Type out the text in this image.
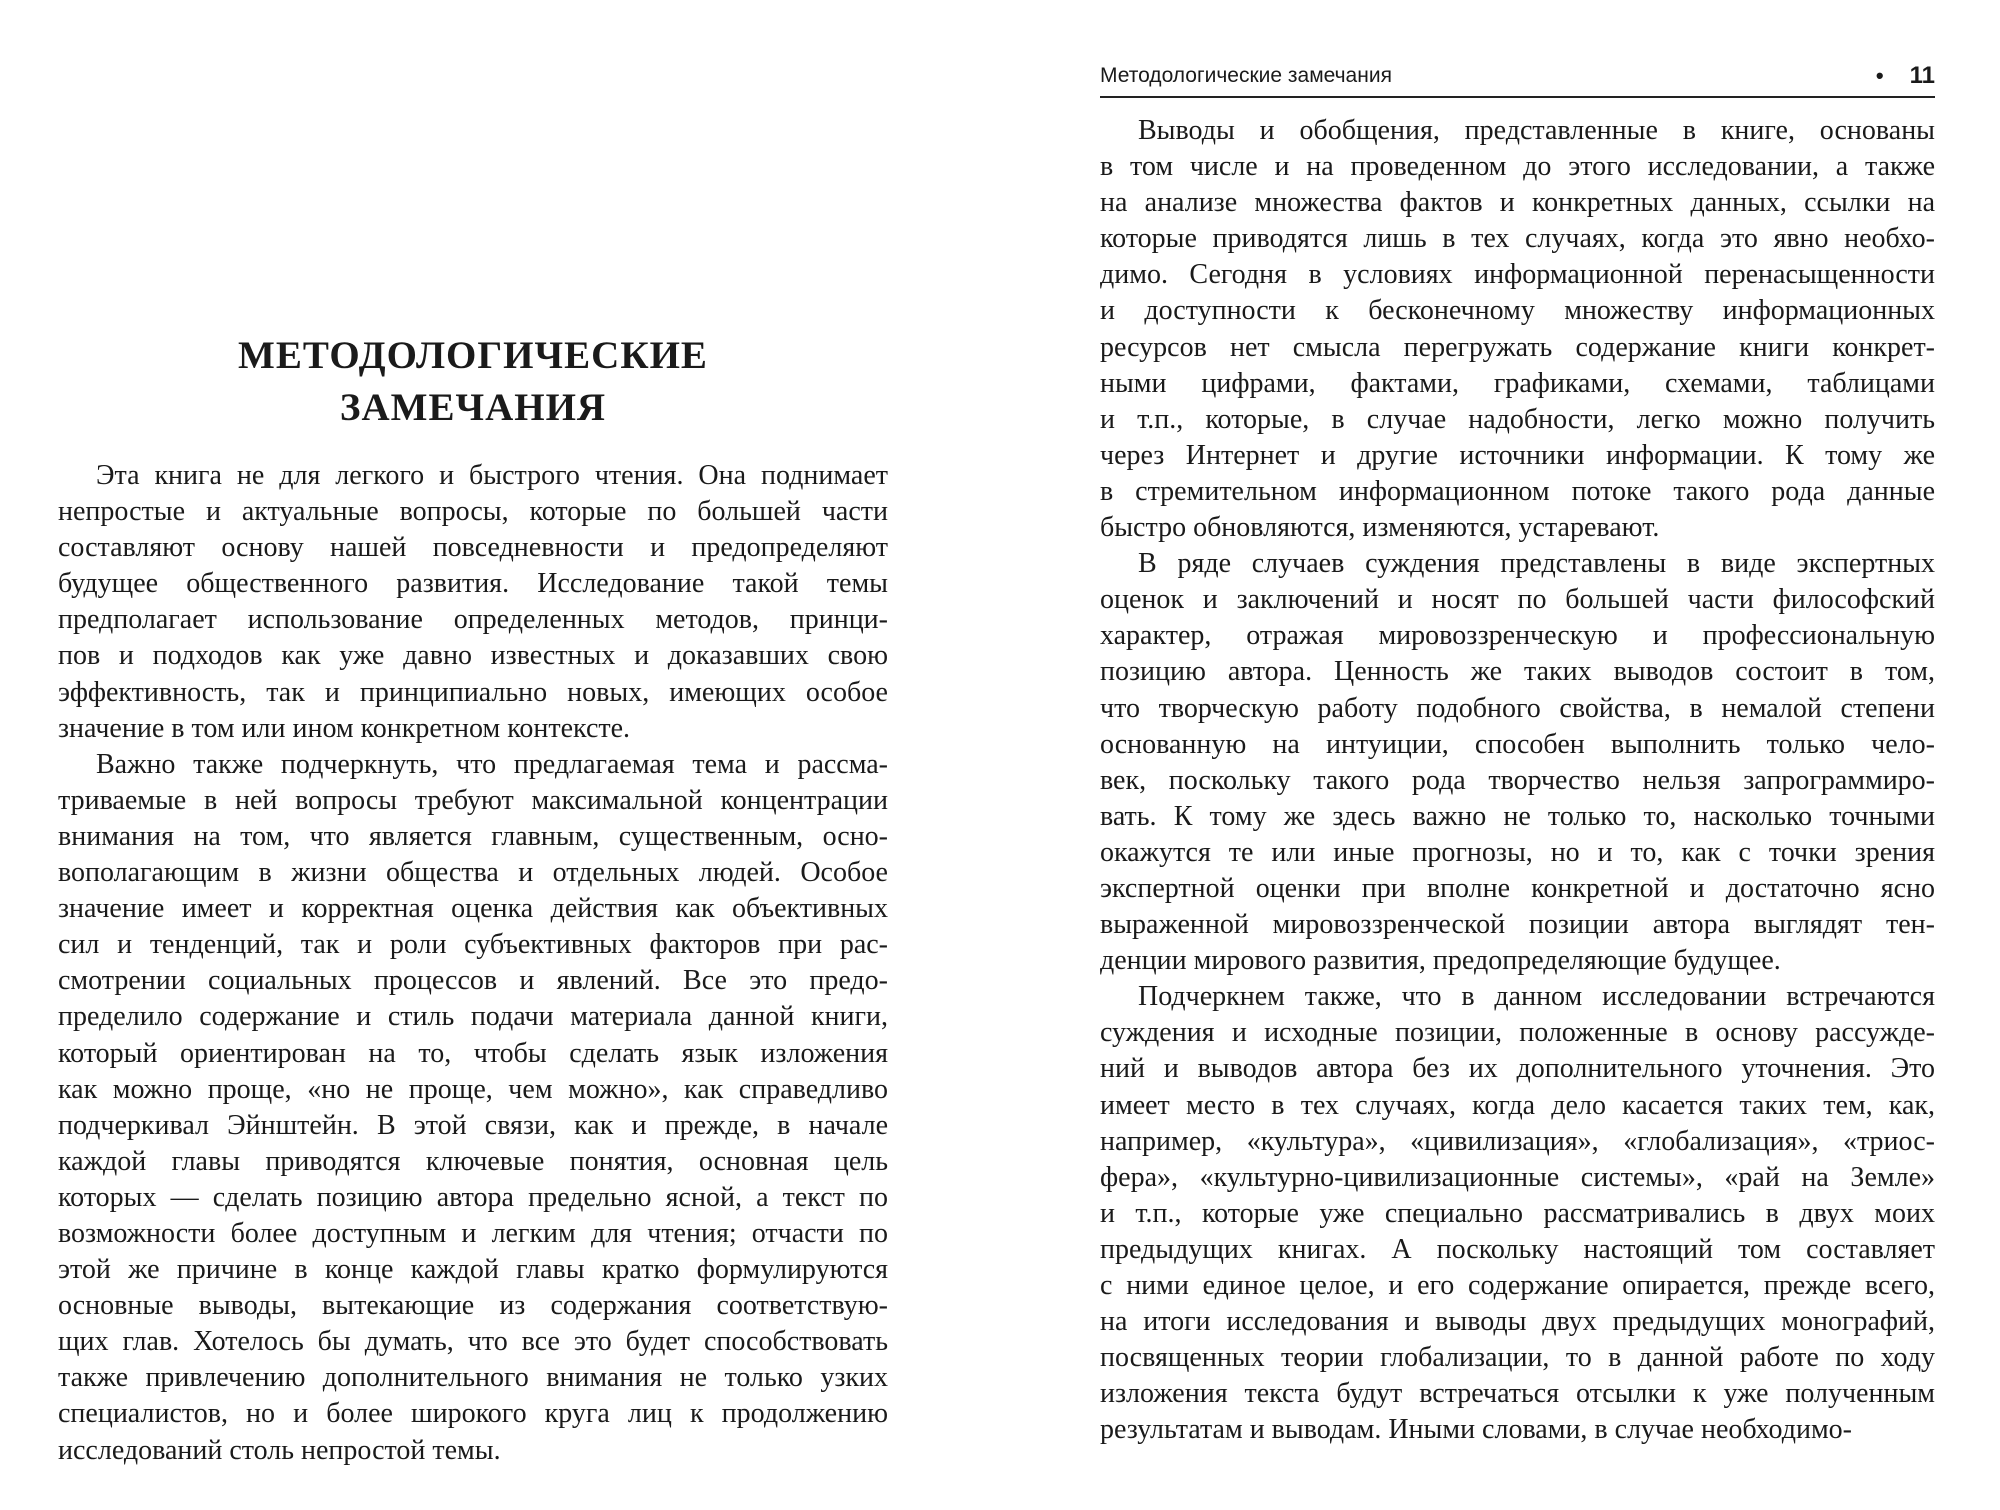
МЕТОДОЛОГИЧЕСКИЕ
ЗАМЕЧАНИЯ
Эта книга не для легкого и быстрого чтения. Она поднимает
непростые и актуальные вопросы, которые по большей части
составляют основу нашей повседневности и предопределяют
будущее общественного развития. Исследование такой темы
предполагает использование определенных методов, принци-
пов и подходов как уже давно известных и доказавших свою
эффективность, так и принципиально новых, имеющих особое
значение в том или ином конкретном контексте.
Важно также подчеркнуть, что предлагаемая тема и рассма-
триваемые в ней вопросы требуют максимальной концентрации
внимания на том, что является главным, существенным, осно-
вополагающим в жизни общества и отдельных людей. Особое
значение имеет и корректная оценка действия как объективных
сил и тенденций, так и роли субъективных факторов при рас-
смотрении социальных процессов и явлений. Все это предо-
пределило содержание и стиль подачи материала данной книги,
который ориентирован на то, чтобы сделать язык изложения
как можно проще, «но не проще, чем можно», как справедливо
подчеркивал Эйнштейн. В этой связи, как и прежде, в начале
каждой главы приводятся ключевые понятия, основная цель
которых — сделать позицию автора предельно ясной, а текст по
возможности более доступным и легким для чтения; отчасти по
этой же причине в конце каждой главы кратко формулируются
основные выводы, вытекающие из содержания соответствую-
щих глав. Хотелось бы думать, что все это будет способствовать
также привлечению дополнительного внимания не только узких
специалистов, но и более широкого круга лиц к продолжению
исследований столь непростой темы.
Методологические замечания	• 11
Выводы и обобщения, представленные в книге, основаны
в том числе и на проведенном до этого исследовании, а также
на анализе множества фактов и конкретных данных, ссылки на
которые приводятся лишь в тех случаях, когда это явно необхо-
димо. Сегодня в условиях информационной перенасыщенности
и доступности к бесконечному множеству информационных
ресурсов нет смысла перегружать содержание книги конкрет-
ными цифрами, фактами, графиками, схемами, таблицами
и т.п., которые, в случае надобности, легко можно получить
через Интернет и другие источники информации. К тому же
в стремительном информационном потоке такого рода данные
быстро обновляются, изменяются, устаревают.
В ряде случаев суждения представлены в виде экспертных
оценок и заключений и носят по большей части философский
характер, отражая мировоззренческую и профессиональную
позицию автора. Ценность же таких выводов состоит в том,
что творческую работу подобного свойства, в немалой степени
основанную на интуиции, способен выполнить только чело-
век, поскольку такого рода творчество нельзя запрограммиро-
вать. К тому же здесь важно не только то, насколько точными
окажутся те или иные прогнозы, но и то, как с точки зрения
экспертной оценки при вполне конкретной и достаточно ясно
выраженной мировоззренческой позиции автора выглядят тен-
денции мирового развития, предопределяющие будущее.
Подчеркнем также, что в данном исследовании встречаются
суждения и исходные позиции, положенные в основу рассужде-
ний и выводов автора без их дополнительного уточнения. Это
имеет место в тех случаях, когда дело касается таких тем, как,
например, «культура», «цивилизация», «глобализация», «триос-
фера», «культурно-цивилизационные системы», «рай на Земле»
и т.п., которые уже специально рассматривались в двух моих
предыдущих книгах. А поскольку настоящий том составляет
с ними единое целое, и его содержание опирается, прежде всего,
на итоги исследования и выводы двух предыдущих монографий,
посвященных теории глобализации, то в данной работе по ходу
изложения текста будут встречаться отсылки к уже полученным
результатам и выводам. Иными словами, в случае необходимо-
